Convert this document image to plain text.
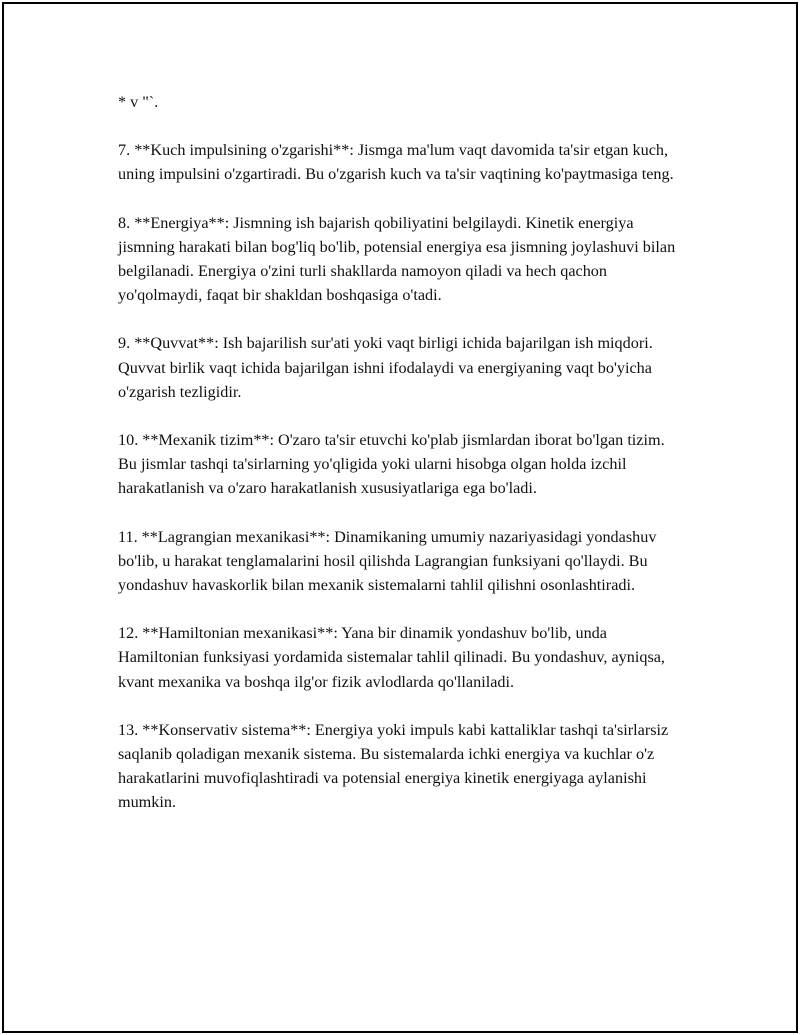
* v "`.

7. **Kuch impulsining o'zgarishi**: Jismga ma'lum vaqt davomida ta'sir etgan kuch, uning impulsini o'zgartiradi. Bu o'zgarish kuch va ta'sir vaqtining ko'paytmasiga teng.

8. **Energiya**: Jismning ish bajarish qobiliyatini belgilaydi. Kinetik energiya jismning harakati bilan bog'liq bo'lib, potensial energiya esa jismning joylashuvi bilan belgilanadi. Energiya o'zini turli shakllarda namoyon qiladi va hech qachon yo'qolmaydi, faqat bir shakldan boshqasiga o'tadi.

9. **Quvvat**: Ish bajarilish sur'ati yoki vaqt birligi ichida bajarilgan ish miqdori. Quvvat birlik vaqt ichida bajarilgan ishni ifodalaydi va energiyaning vaqt bo'yicha o'zgarish tezligidir.

10. **Mexanik tizim**: O'zaro ta'sir etuvchi ko'plab jismlardan iborat bo'lgan tizim. Bu jismlar tashqi ta'sirlarning yo'qligida yoki ularni hisobga olgan holda izchil harakatlanish va o'zaro harakatlanish xususiyatlariga ega bo'ladi.

11. **Lagrangian mexanikasi**: Dinamikaning umumiy nazariyasidagi yondashuv bo'lib, u harakat tenglamalarini hosil qilishda Lagrangian funksiyani qo'llaydi. Bu yondashuv havaskorlik bilan mexanik sistemalarni tahlil qilishni osonlashtiradi.

12. **Hamiltonian mexanikasi**: Yana bir dinamik yondashuv bo'lib, unda Hamiltonian funksiyasi yordamida sistemalar tahlil qilinadi. Bu yondashuv, ayniqsa, kvant mexanika va boshqa ilg'or fizik avlodlarda qo'llaniladi.

13. **Konservativ sistema**: Energiya yoki impuls kabi kattaliklar tashqi ta'sirlarsiz saqlanib qoladigan mexanik sistema. Bu sistemalarda ichki energiya va kuchlar o'z harakatlarini muvofiqlashtiradi va potensial energiya kinetik energiyaga aylanishi mumkin.
